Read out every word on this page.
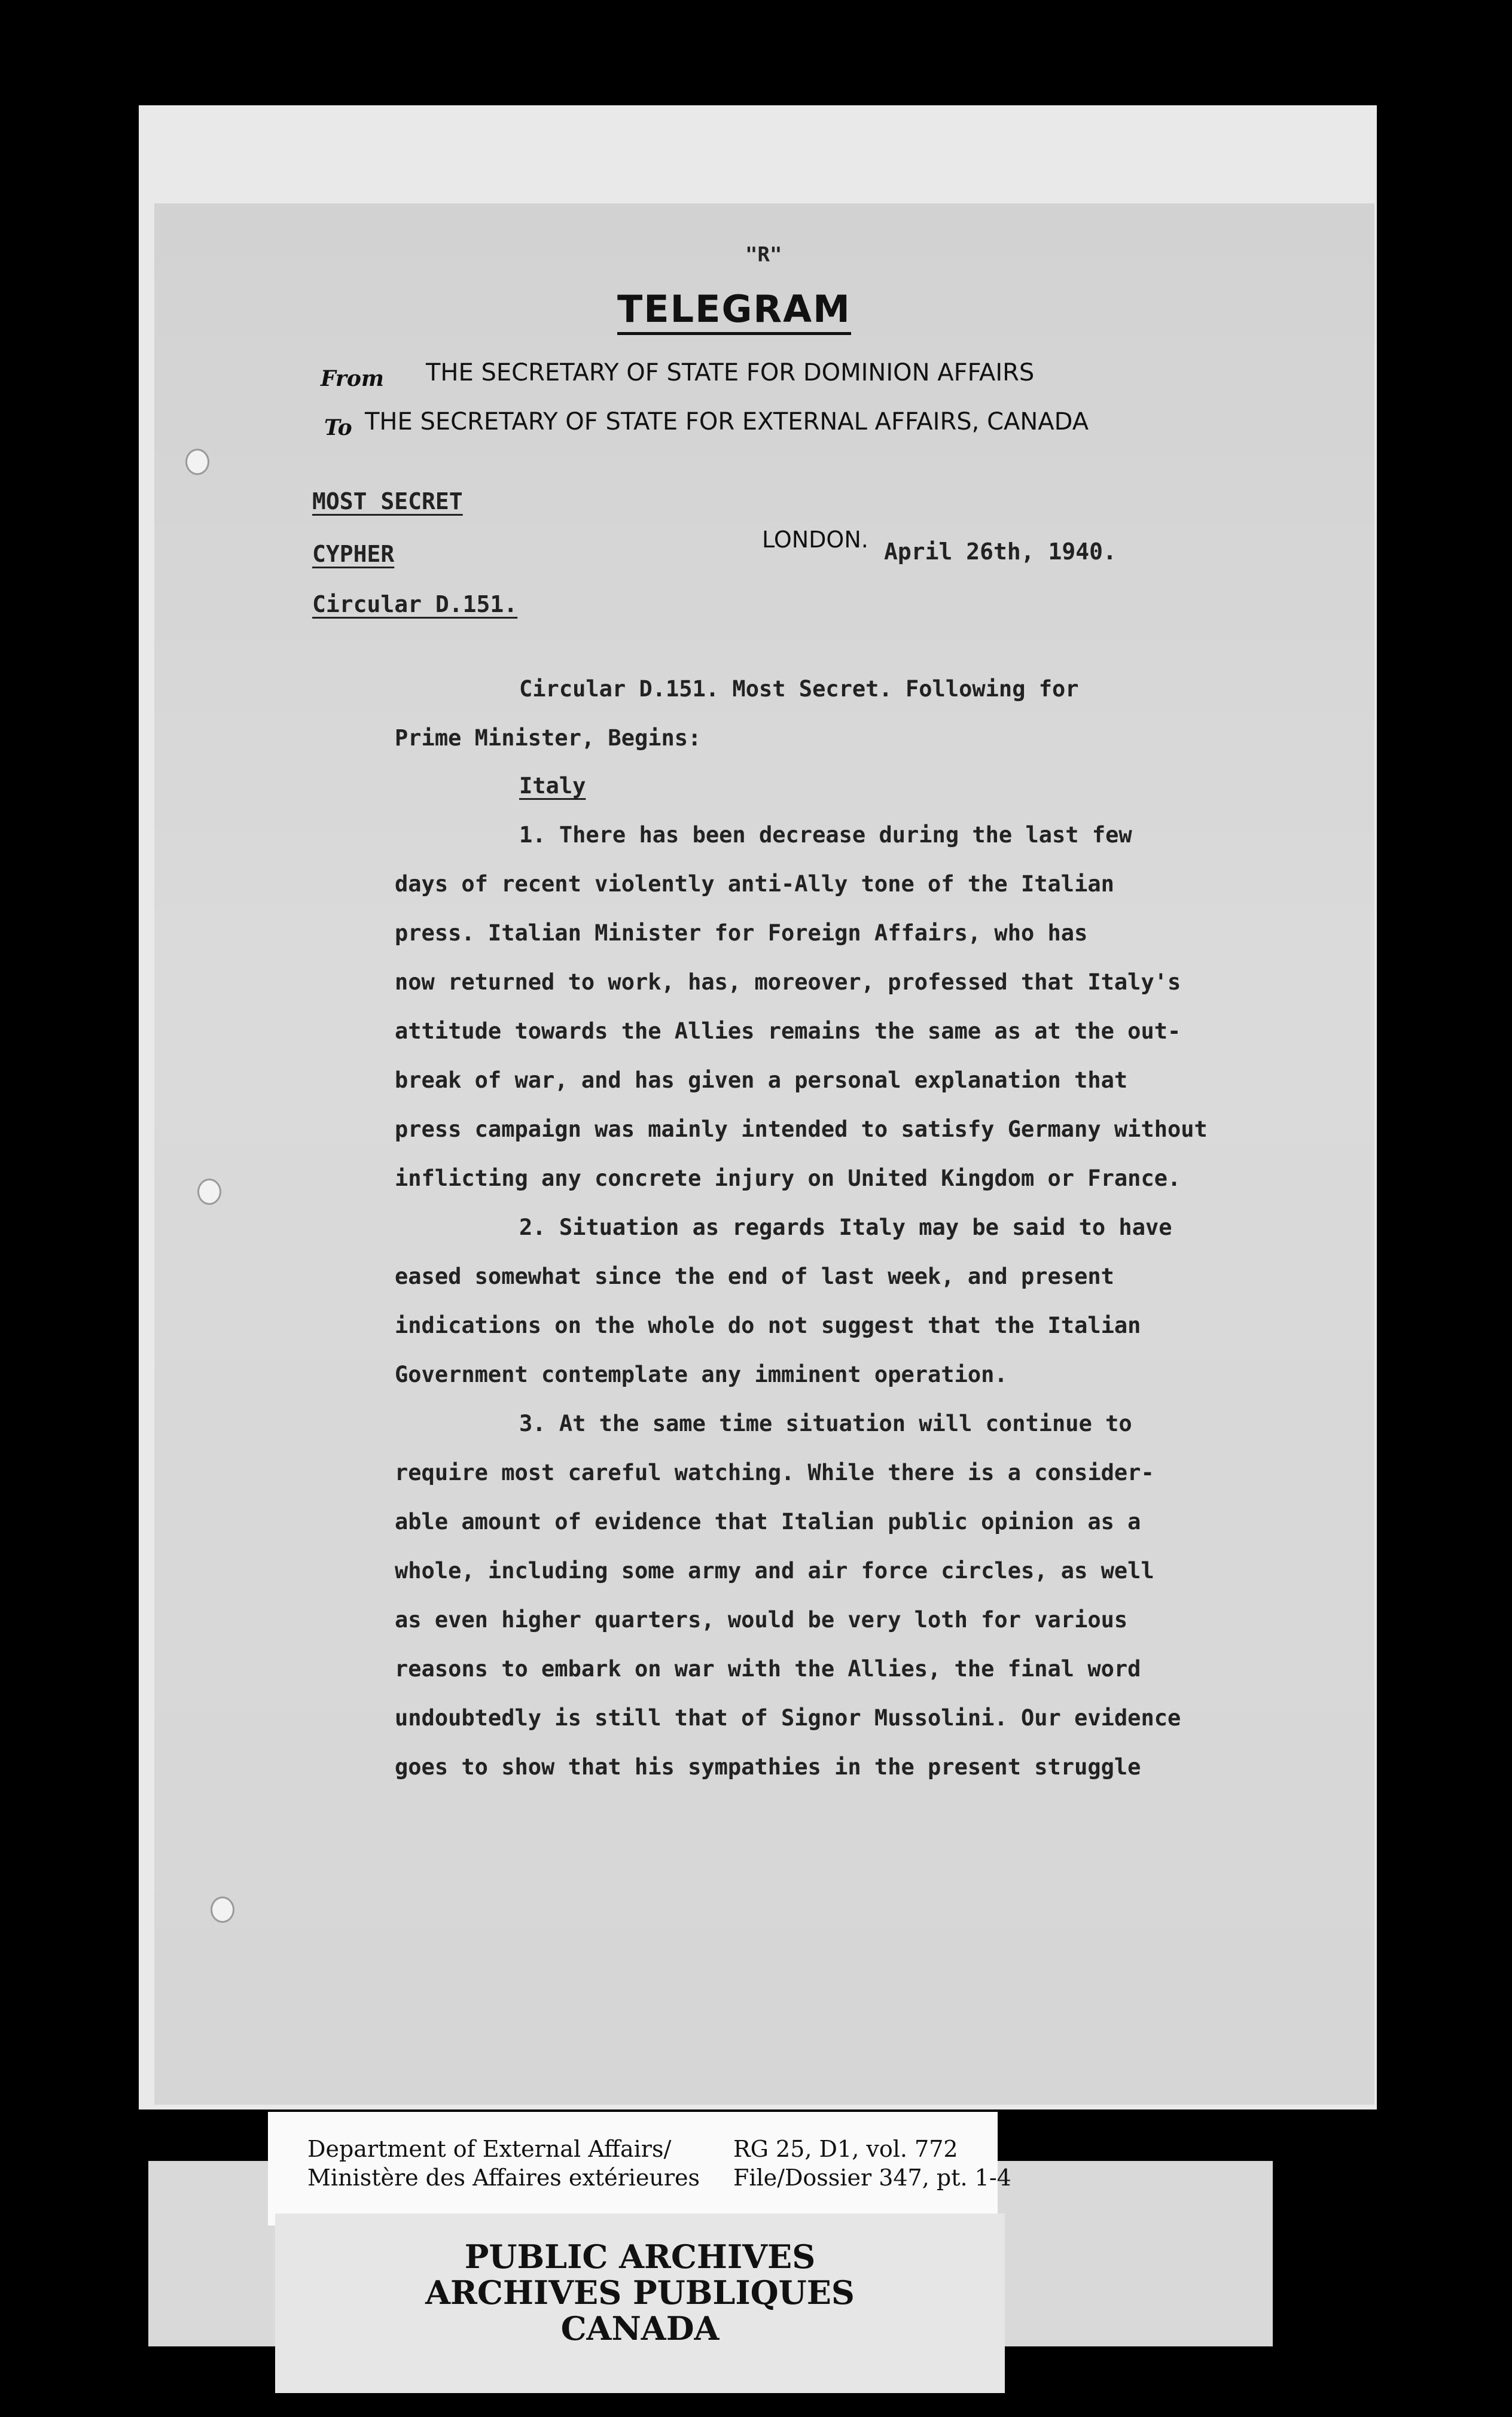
"R"
TELEGRAM
From THE SECRETARY OF STATE FOR DOMINION AFFAIRS
To THE SECRETARY OF STATE FOR EXTERNAL AFFAIRS, CANADA
MOST SECRET
CYPHER
Circular D.151.
LONDON. April 26th, 1940.
Circular D.151. Most Secret. Following for
Prime Minister, Begins:
Italy
1. There has been decrease during the last few
days of recent violently anti-Ally tone of the Italian
press. Italian Minister for Foreign Affairs, who has
now returned to work, has, moreover, professed that Italy's
attitude towards the Allies remains the same as at the out-
break of war, and has given a personal explanation that
press campaign was mainly intended to satisfy Germany without
inflicting any concrete injury on United Kingdom or France.
2. Situation as regards Italy may be said to have
eased somewhat since the end of last week, and present
indications on the whole do not suggest that the Italian
Government contemplate any imminent operation.
3. At the same time situation will continue to
require most careful watching. While there is a consider-
able amount of evidence that Italian public opinion as a
whole, including some army and air force circles, as well
as even higher quarters, would be very loth for various
reasons to embark on war with the Allies, the final word
undoubtedly is still that of Signor Mussolini. Our evidence
goes to show that his sympathies in the present struggle
Department of External Affairs/
Ministère des Affaires extérieures
RG 25, D1, vol. 772
File/Dossier 347, pt. 1-4
PUBLIC ARCHIVES
ARCHIVES PUBLIQUES
CANADA
